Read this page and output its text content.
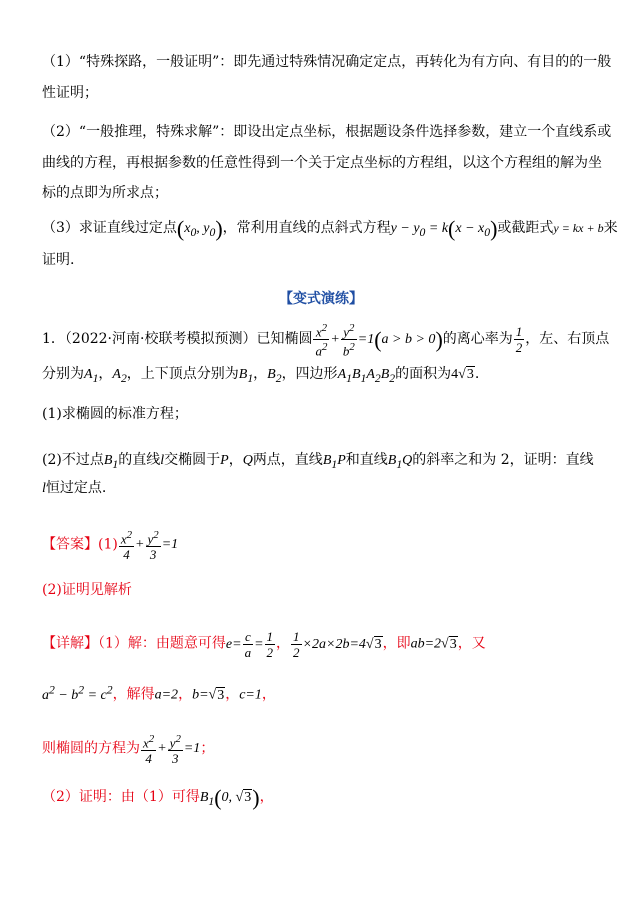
（1）“特殊探路，一般证明”：即先通过特殊情况确定定点，再转化为有方向、有目的的一般
性证明；
（2）“一般推理，特殊求解”：即设出定点坐标，根据题设条件选择参数，建立一个直线系或
曲线的方程，再根据参数的任意性得到一个关于定点坐标的方程组，以这个方程组的解为坐
标的点即为所求点；
（3）求证直线过定点($x_0$, $y_0$)，常利用直线的点斜式方程$y - y_0 = k(x - x_0)$或截距式y = kx + b来
证明.
【变式演练】
1．（2022·河南·校联考模拟预测）已知椭圆 $\frac{x^2}{a^2} + \frac{y^2}{b^2} =1(a > b > 0)$的离心率为 $\frac{1}{2}$ ，左、右顶点
分别为$A_1$，$A_2$，上下顶点分别为$B_1$，$B_2$，四边形$A_1B_1A_2B_2$的面积为4√3.
(1)求椭圆的标准方程；
(2)不过点$B_1$的直线l交椭圆于P，Q两点，直线$B_1P$和直线$B_1Q$的斜率之和为 2，证明：直线
l恒过定点.
【答案】$(1) \frac{x^2}{4} + \frac{y^2}{3} =1$
(2)证明见解析
【详解】（1）解：由题意可得$e= \frac{c}{a} = \frac{1}{2}$ ， $\frac{1}{2} \times 2a\times 2b=4√3$，即ab=2√3，又
$a^2 - b^2 = c^2$，解得a=2，b=√3，c=1，
则椭圆的方程为 $\frac{x^2}{4} + \frac{y^2}{3} =1$；
（2）证明：由（1）可得$B_1(0$, √3)，
